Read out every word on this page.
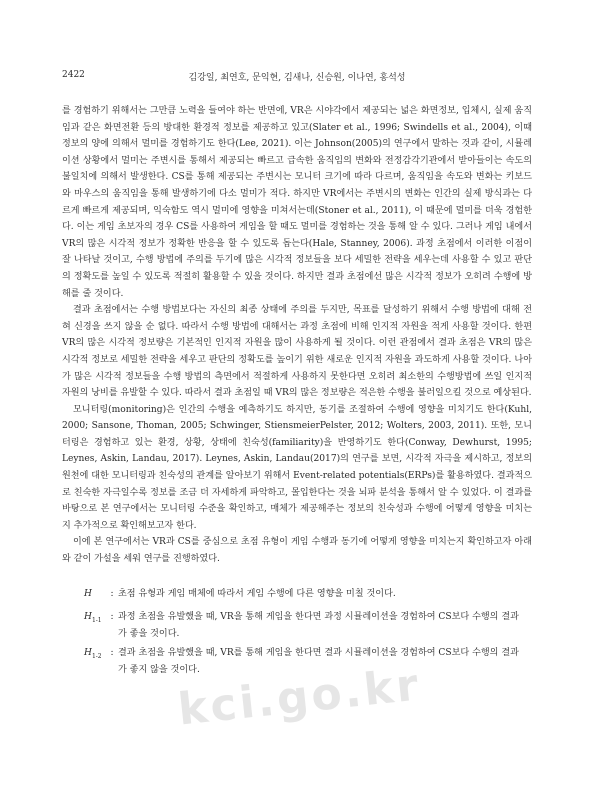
2422	김강일, 최연호, 문익현, 김새나, 신승원, 이나연, 홍석성
kci.go.kr

를 경험하기 위해서는 그만큼 노력을 들여야 하는 반면에, VR은 시야각에서 제공되는 넓은 화면정보, 입체시, 실제 움직임과 같은 화면전환 등의 방대한 환경적 정보를 제공하고 있고(Slater et al., 1996; Swindells et al., 2004), 이때 정보의 양에 의해서 멀미를 경험하기도 한다(Lee, 2021). 이는 Johnson(2005)의 연구에서 말하는 것과 같이, 시뮬레이션 상황에서 멀미는 주변시를 통해서 제공되는 빠르고 급속한 움직임의 변화와 전정감각기관에서 받아들이는 속도의 불일치에 의해서 발생한다. CS를 통해 제공되는 주변시는 모니터 크기에 따라 다르며, 움직임을 속도와 변화는 키보드와 마우스의 움직임을 통해 발생하기에 다소 멀미가 적다. 하지만 VR에서는 주변시의 변화는 인간의 실제 방식과는 다르게 빠르게 제공되며, 익숙함도 역시 멀미에 영향을 미쳐서는데(Stoner et al., 2011), 이 때문에 멀미를 더욱 경험한다. 이는 게임 초보자의 경우 CS를 사용하여 게임을 할 때도 멀미를 경험하는 것을 통해 알 수 있다. 그러나 게임 내에서 VR의 많은 시각적 정보가 정확한 반응을 할 수 있도록 돕는다(Hale, Stanney, 2006). 과정 초점에서 이러한 이점이 잘 나타날 것이고, 수행 방법에 주의를 두기에 많은 시각적 정보들을 보다 세밀한 전략을 세우는데 사용할 수 있고 판단의 정확도를 높일 수 있도록 적절히 활용할 수 있을 것이다. 하지만 결과 초점에선 많은 시각적 정보가 오히려 수행에 방해를 줄 것이다.

결과 초점에서는 수행 방법보다는 자신의 최종 상태에 주의를 두지만, 목표를 달성하기 위해서 수행 방법에 대해 전혀 신경을 쓰지 않을 순 없다. 따라서 수행 방법에 대해서는 과정 초점에 비해 인지적 자원을 적게 사용할 것이다. 한편 VR의 많은 시각적 정보량은 기본적인 인지적 자원을 많이 사용하게 될 것이다. 이런 관점에서 결과 초점은 VR의 많은 시각적 정보로 세밀한 전략을 세우고 판단의 정확도를 높이기 위한 새로운 인지적 자원을 과도하게 사용할 것이다. 나아가 많은 시각적 정보들을 수행 방법의 측면에서 적절하게 사용하지 못한다면 오히려 최소한의 수행방법에 쓰일 인지적 자원의 낭비를 유발할 수 있다. 따라서 결과 초점일 때 VR의 많은 정보량은 적은한 수행을 불러일으킬 것으로 예상된다.

모니터링(monitoring)은 인간의 수행을 예측하기도 하지만, 동기를 조절하여 수행에 영향을 미치기도 한다(Kuhl, 2000; Sansone, Thoman, 2005; Schwinger, StiensmeierPelster, 2012; Wolters, 2003, 2011). 또한, 모니터링은 경험하고 있는 환경, 상황, 상태에 친숙성(familiarity)을 반영하기도 한다(Conway, Dewhurst, 1995; Leynes, Askin, Landau, 2017). Leynes, Askin, Landau(2017)의 연구를 보면, 시각적 자극을 제시하고, 정보의 원천에 대한 모니터링과 친숙성의 관계를 알아보기 위해서 Event-related potentials(ERPs)를 활용하였다. 결과적으로 친숙한 자극일수록 정보를 조금 더 자세하게 파악하고, 몰입한다는 것을 뇌파 분석을 통해서 알 수 있었다. 이 결과를 바탕으로 본 연구에서는 모니터링 수준을 확인하고, 매체가 제공해주는 정보의 친숙성과 수행에 어떻게 영향을 미치는지 추가적으로 확인해보고자 한다.

이에 본 연구에서는 VR과 CS를 중심으로 초점 유형이 게임 수행과 동기에 어떻게 영향을 미치는지 확인하고자 아래와 같이 가설을 세워 연구를 진행하였다.

H	: 초점 유형과 게임 매체에 따라서 게임 수행에 다른 영향을 미칠 것이다.
$H_{1-1}$ : 과정 초점을 유발했을 때, VR을 통해 게임을 한다면 과정 시뮬레이션을 경험하여 CS보다 수행의 결과가 좋을 것이다.
$H_{1-2}$ : 결과 초점을 유발했을 때, VR를 통해 게임을 한다면 결과 시뮬레이션을 경험하여 CS보다 수행의 결과가 좋지 않을 것이다.
